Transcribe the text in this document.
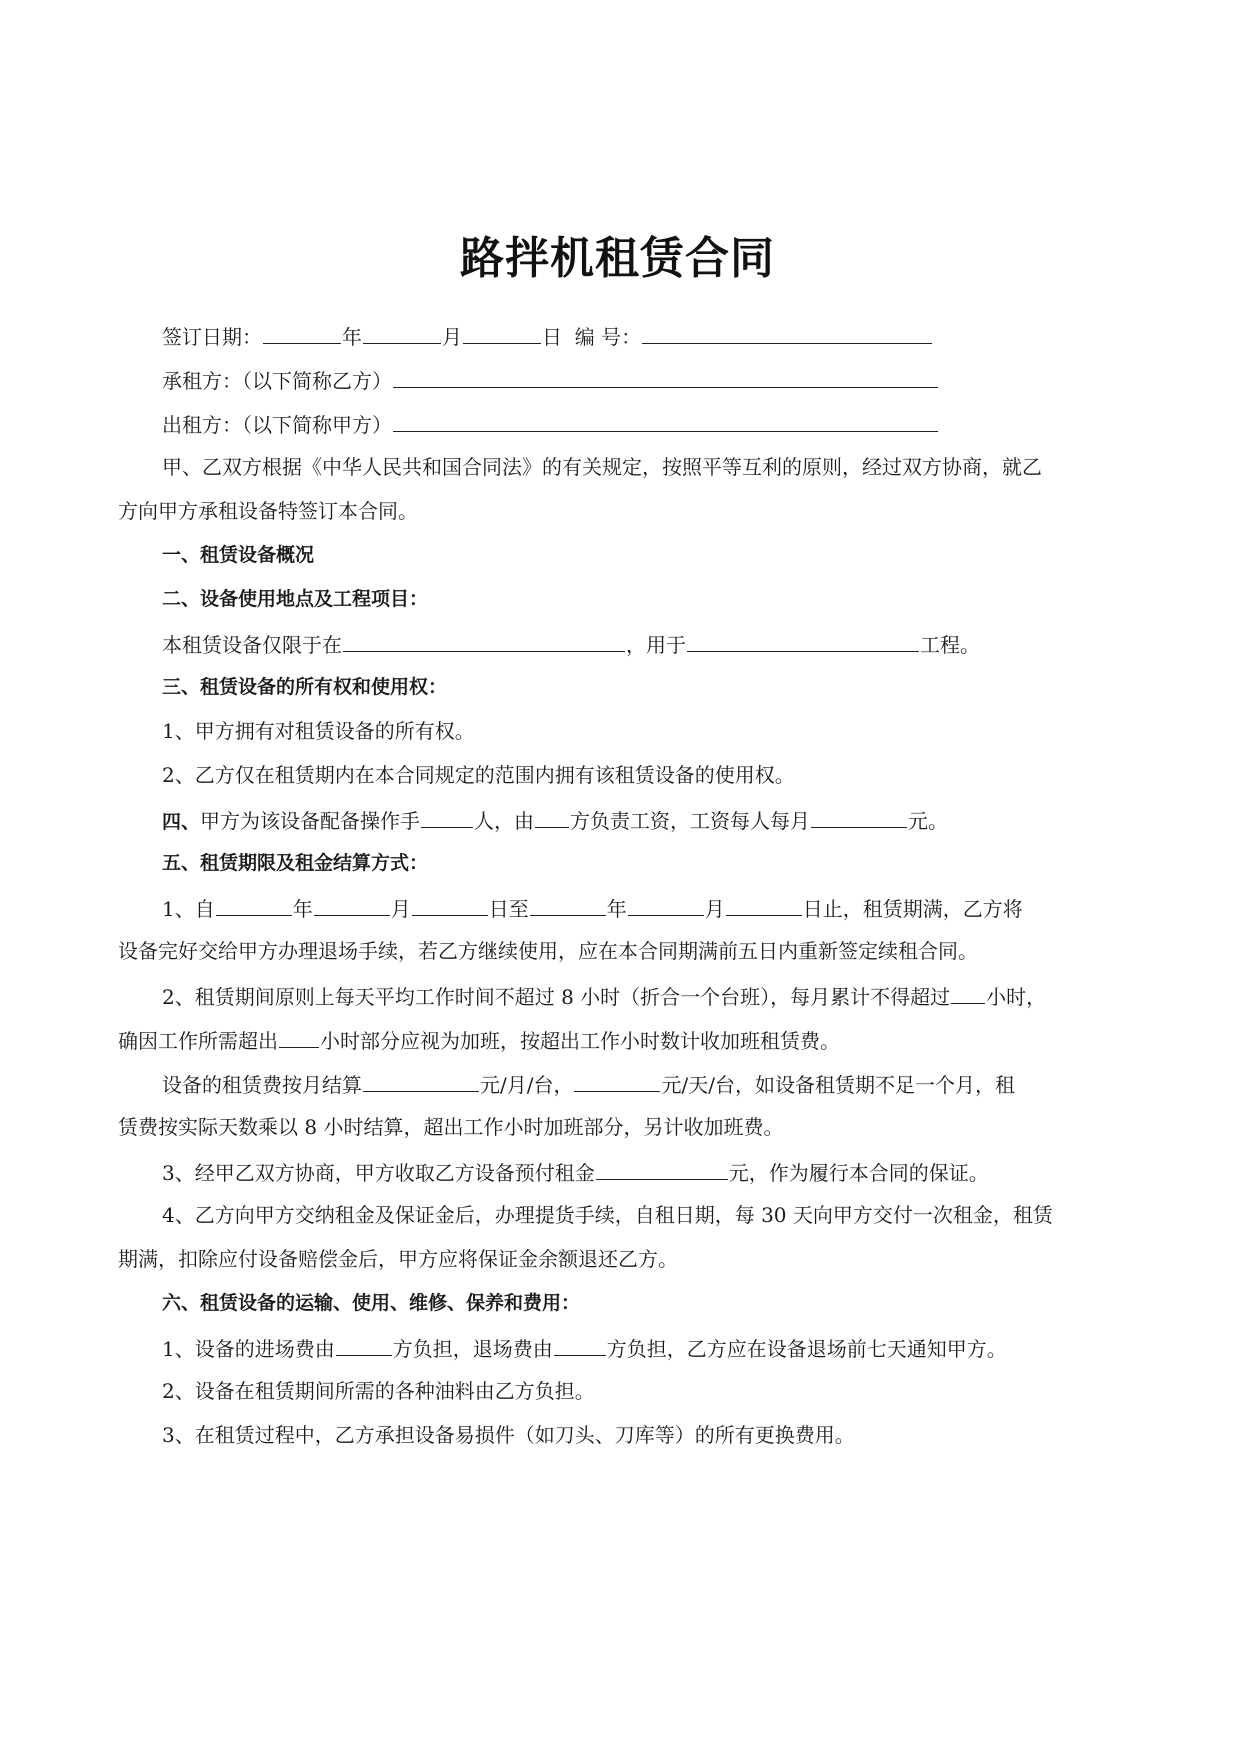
路拌机租赁合同
签订日期：	年	月	日 编 号：
承租方：（以下简称乙方）
出租方：（以下简称甲方）
甲、乙双方根据《中华人民共和国合同法》的有关规定，按照平等互利的原则，经过双方协商，就乙
方向甲方承租设备特签订本合同。
一、租赁设备概况
二、设备使用地点及工程项目：
本租赁设备仅限于在	，用于	工程。
三、租赁设备的所有权和使用权：
1、甲方拥有对租赁设备的所有权。
2、乙方仅在租赁期内在本合同规定的范围内拥有该租赁设备的使用权。
四、甲方为该设备配备操作手	人，由 方负责工资，工资每人每月	元。
五、租赁期限及租金结算方式：
1、自	年	月	日至	年	月	日止，租赁期满，乙方将
设备完好交给甲方办理退场手续，若乙方继续使用，应在本合同期满前五日内重新签定续租合同。
2、租赁期间原则上每天平均工作时间不超过 8 小时（折合一个台班），每月累计不得超过 小时，
确因工作所需超出 小时部分应视为加班，按超出工作小时数计收加班租赁费。
设备的租赁费按月结算	元/月/台，	元/天/台，如设备租赁期不足一个月，租
赁费按实际天数乘以 8 小时结算，超出工作小时加班部分，另计收加班费。
3、经甲乙双方协商，甲方收取乙方设备预付租金	元，作为履行本合同的保证。
4、乙方向甲方交纳租金及保证金后，办理提货手续，自租日期，每 30 天向甲方交付一次租金，租赁
期满，扣除应付设备赔偿金后，甲方应将保证金余额退还乙方。
六、租赁设备的运输、使用、维修、保养和费用：
1、设备的进场费由	方负担，退场费由	方负担，乙方应在设备退场前七天通知甲方。
2、设备在租赁期间所需的各种油料由乙方负担。
3、在租赁过程中，乙方承担设备易损件（如刀头、刀库等）的所有更换费用。
